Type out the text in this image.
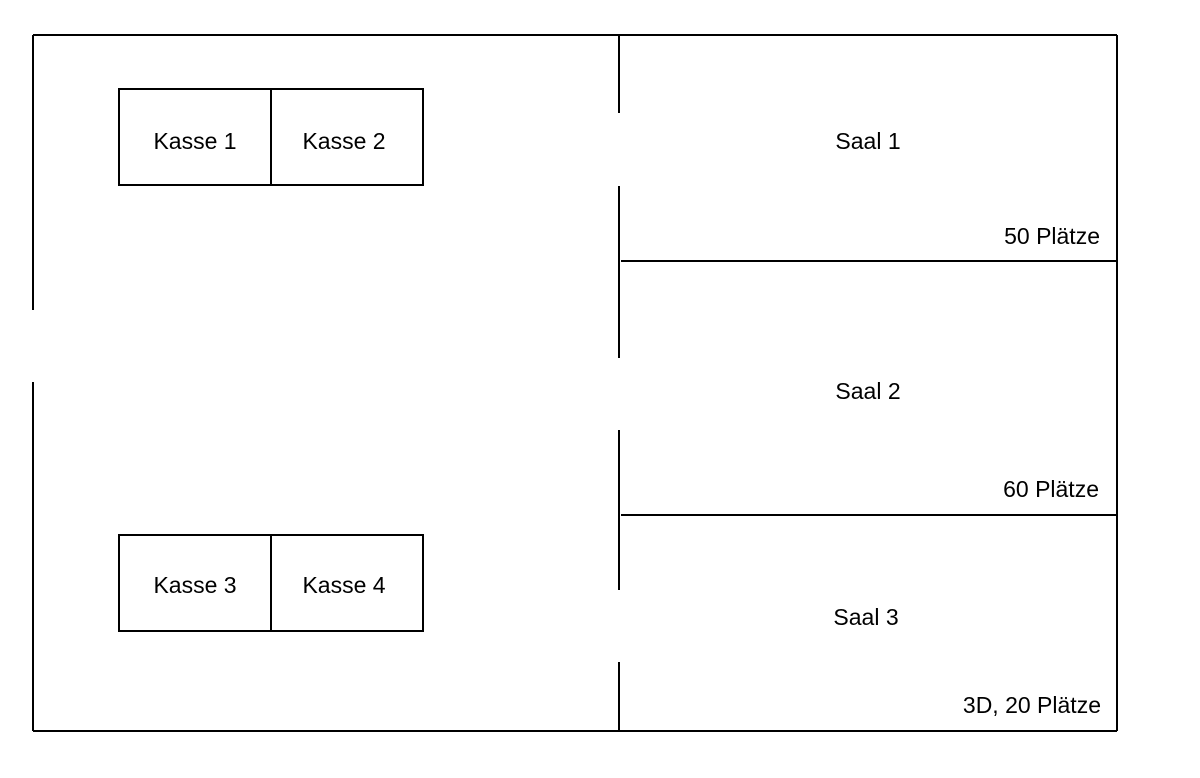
Kasse 1	Kasse 2
Kasse 3	Kasse 4
Saal 1
Saal 2
Saal 3
50 Plätze
60 Plätze
3D, 20 Plätze
